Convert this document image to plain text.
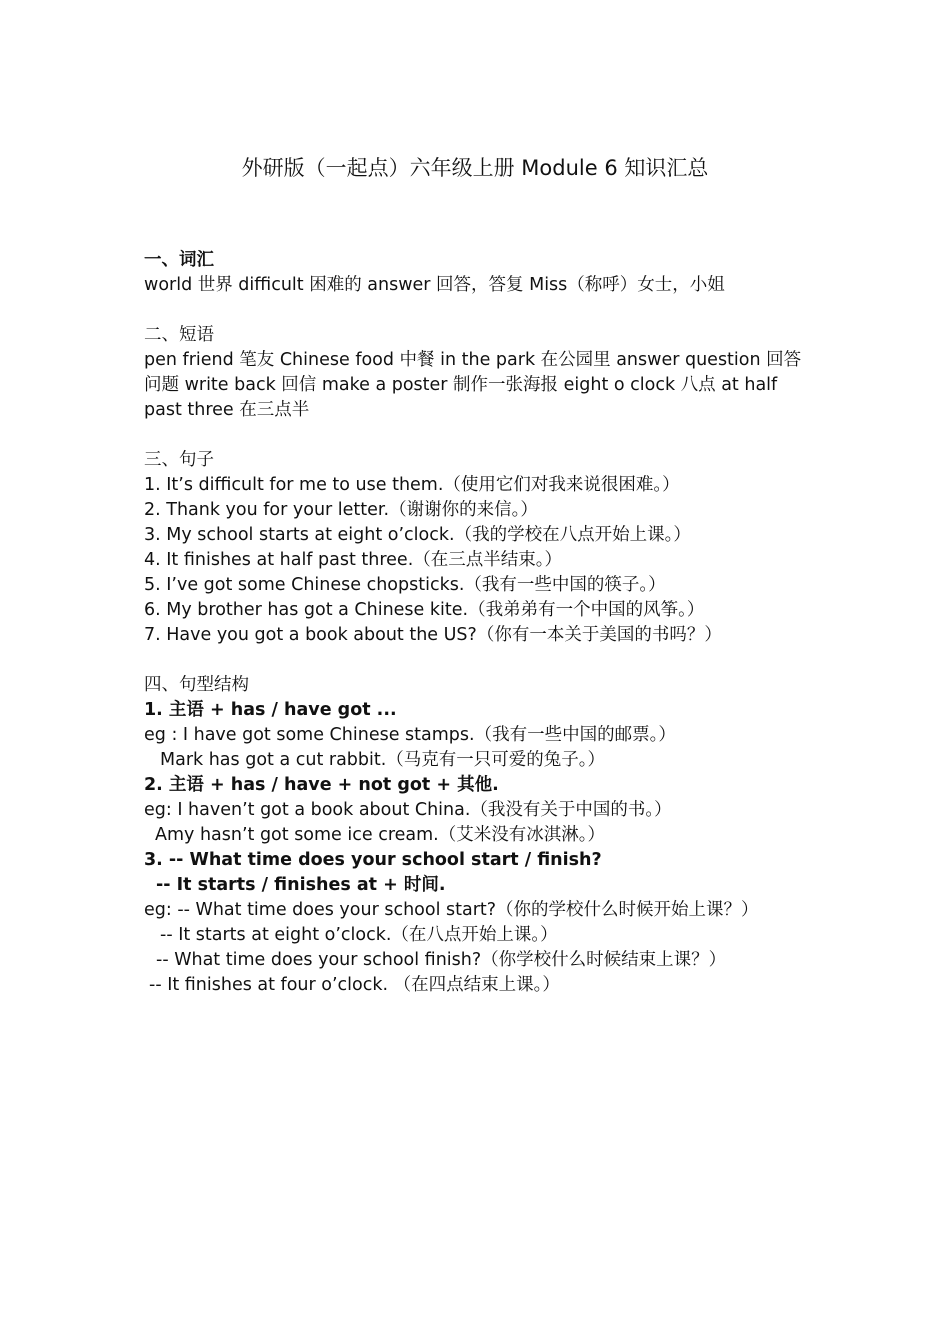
外研版（一起点）六年级上册 Module 6 知识汇总
一、词汇
world 世界 difficult 困难的 answer 回答，答复 Miss（称呼）女士，小姐
二、短语
pen friend 笔友 Chinese food 中餐 in the park 在公园里 answer question 回答问题 write back 回信 make a poster 制作一张海报 eight o clock 八点 at half past three 在三点半
三、句子
1. It’s difficult for me to use them.（使用它们对我来说很困难。）
2. Thank you for your letter.（谢谢你的来信。）
3. My school starts at eight o’clock.（我的学校在八点开始上课。）
4. It finishes at half past three.（在三点半结束。）
5. I’ve got some Chinese chopsticks.（我有一些中国的筷子。）
6. My brother has got a Chinese kite.（我弟弟有一个中国的风筝。）
7. Have you got a book about the US?（你有一本关于美国的书吗？）
四、句型结构
1. 主语 + has / have got ...
eg : I have got some Chinese stamps.（我有一些中国的邮票。）
Mark has got a cut rabbit.（马克有一只可爱的兔子。）
2. 主语 + has / have + not got + 其他.
eg: I haven’t got a book about China.（我没有关于中国的书。）
Amy hasn’t got some ice cream.（艾米没有冰淇淋。）
3. -- What time does your school start / finish?
-- It starts / finishes at + 时间.
eg: -- What time does your school start?（你的学校什么时候开始上课？）
-- It starts at eight o’clock.（在八点开始上课。）
-- What time does your school finish?（你学校什么时候结束上课？）
-- It finishes at four o’clock. （在四点结束上课。）
